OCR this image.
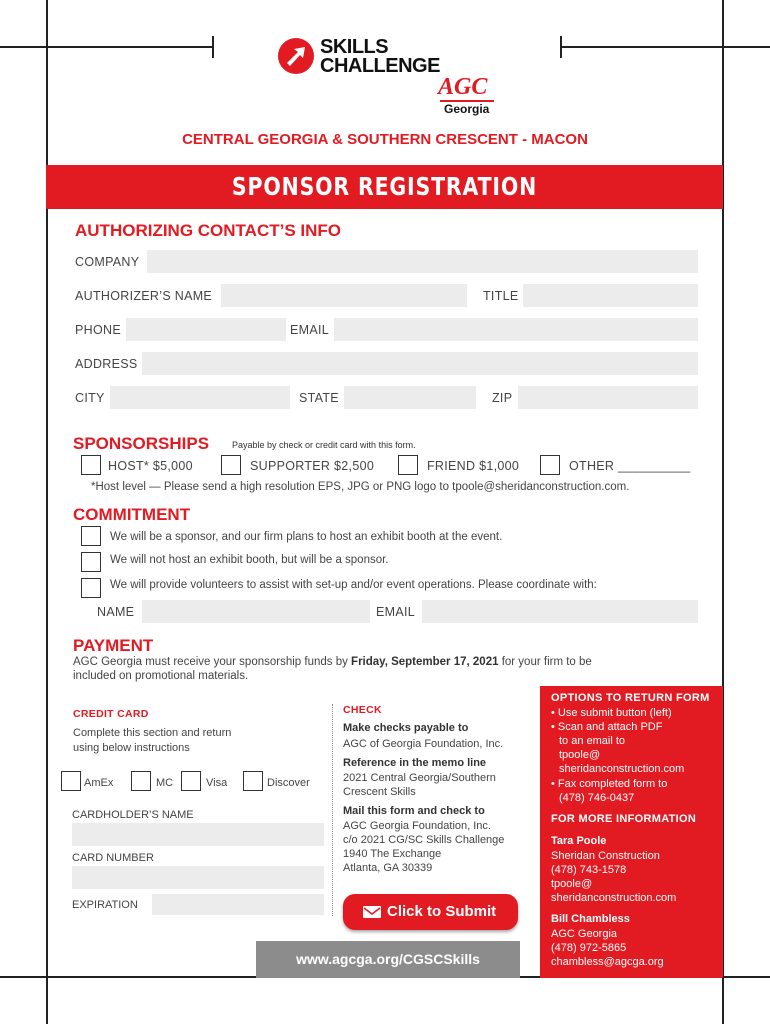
SKILLS
CHALLENGE
AGC
Georgia
CENTRAL GEORGIA & SOUTHERN CRESCENT - MACON
SPONSOR REGISTRATION
AUTHORIZING CONTACT’S INFO
COMPANY
AUTHORIZER’S NAME	TITLE
PHONE	EMAIL
ADDRESS
CITY	STATE	ZIP
SPONSORSHIPS	Payable by check or credit card with this form.
HOST* $5,000	SUPPORTER $2,500	FRIEND $1,000	OTHER __________
*Host level — Please send a high resolution EPS, JPG or PNG logo to tpoole@sheridanconstruction.com.
COMMITMENT
We will be a sponsor, and our firm plans to host an exhibit booth at the event.
We will not host an exhibit booth, but will be a sponsor.
We will provide volunteers to assist with set-up and/or event operations. Please coordinate with:
NAME	EMAIL
PAYMENT
AGC Georgia must receive your sponsorship funds by Friday, September 17, 2021 for your firm to be
included on promotional materials.
CREDIT CARD
Complete this section and return
using below instructions
AmEx	MC	Visa	Discover
CARDHOLDER’S NAME
CARD NUMBER
EXPIRATION
CHECK
Make checks payable to
AGC of Georgia Foundation, Inc.
Reference in the memo line
2021 Central Georgia/Southern
Crescent Skills
Mail this form and check to
AGC Georgia Foundation, Inc.
c/o 2021 CG/SC Skills Challenge
1940 The Exchange
Atlanta, GA 30339
Click to Submit
www.agcga.org/CGSCSkills
OPTIONS TO RETURN FORM
• Use submit button (left)
• Scan and attach PDF
to an email to
tpoole@
sheridanconstruction.com
• Fax completed form to
(478) 746-0437
FOR MORE INFORMATION
Tara Poole
Sheridan Construction
(478) 743-1578
tpoole@
sheridanconstruction.com
Bill Chambless
AGC Georgia
(478) 972-5865
chambless@agcga.org
